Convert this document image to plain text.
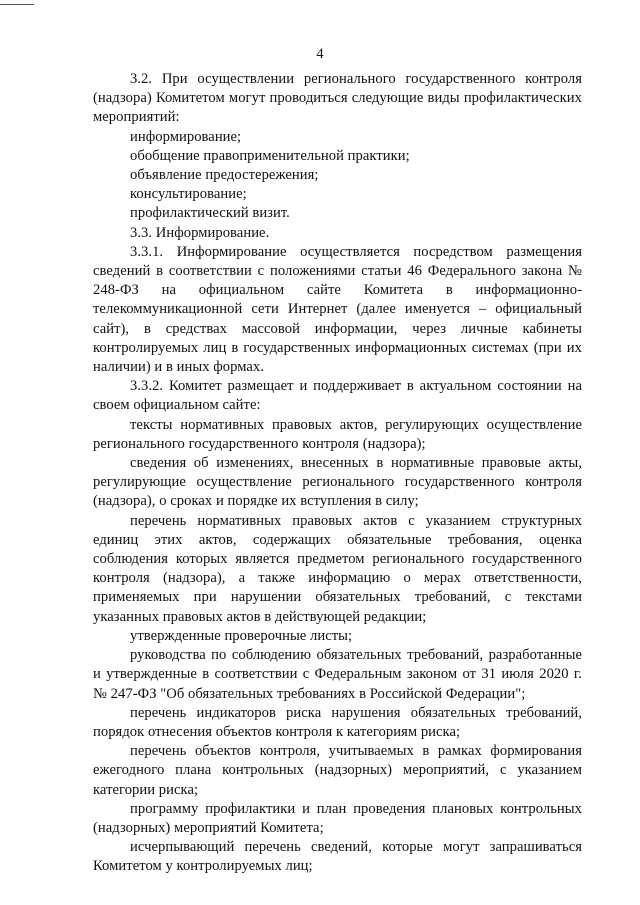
4

3.2. При осуществлении регионального государственного контроля (надзора) Комитетом могут проводиться следующие виды профилактических мероприятий:

информирование;

обобщение правоприменительной практики;

объявление предостережения;

консультирование;

профилактический визит.

3.3. Информирование.

3.3.1. Информирование осуществляется посредством размещения сведений в соответствии с положениями статьи 46 Федерального закона № 248-ФЗ на официальном сайте Комитета в информационно-телекоммуникационной сети Интернет (далее именуется – официальный сайт), в средствах массовой информации, через личные кабинеты контролируемых лиц в государственных информационных системах (при их наличии) и в иных формах.

3.3.2. Комитет размещает и поддерживает в актуальном состоянии на своем официальном сайте:

тексты нормативных правовых актов, регулирующих осуществление регионального государственного контроля (надзора);

сведения об изменениях, внесенных в нормативные правовые акты, регулирующие осуществление регионального государственного контроля (надзора), о сроках и порядке их вступления в силу;

перечень нормативных правовых актов с указанием структурных единиц этих актов, содержащих обязательные требования, оценка соблюдения которых является предметом регионального государственного контроля (надзора), а также информацию о мерах ответственности, применяемых при нарушении обязательных требований, с текстами указанных правовых актов в действующей редакции;

утвержденные проверочные листы;

руководства по соблюдению обязательных требований, разработанные и утвержденные в соответствии с Федеральным законом от 31 июля 2020 г. № 247-ФЗ "Об обязательных требованиях в Российской Федерации";

перечень индикаторов риска нарушения обязательных требований, порядок отнесения объектов контроля к категориям риска;

перечень объектов контроля, учитываемых в рамках формирования ежегодного плана контрольных (надзорных) мероприятий, с указанием категории риска;

программу профилактики и план проведения плановых контрольных (надзорных) мероприятий Комитета;

исчерпывающий перечень сведений, которые могут запрашиваться Комитетом у контролируемых лиц;
